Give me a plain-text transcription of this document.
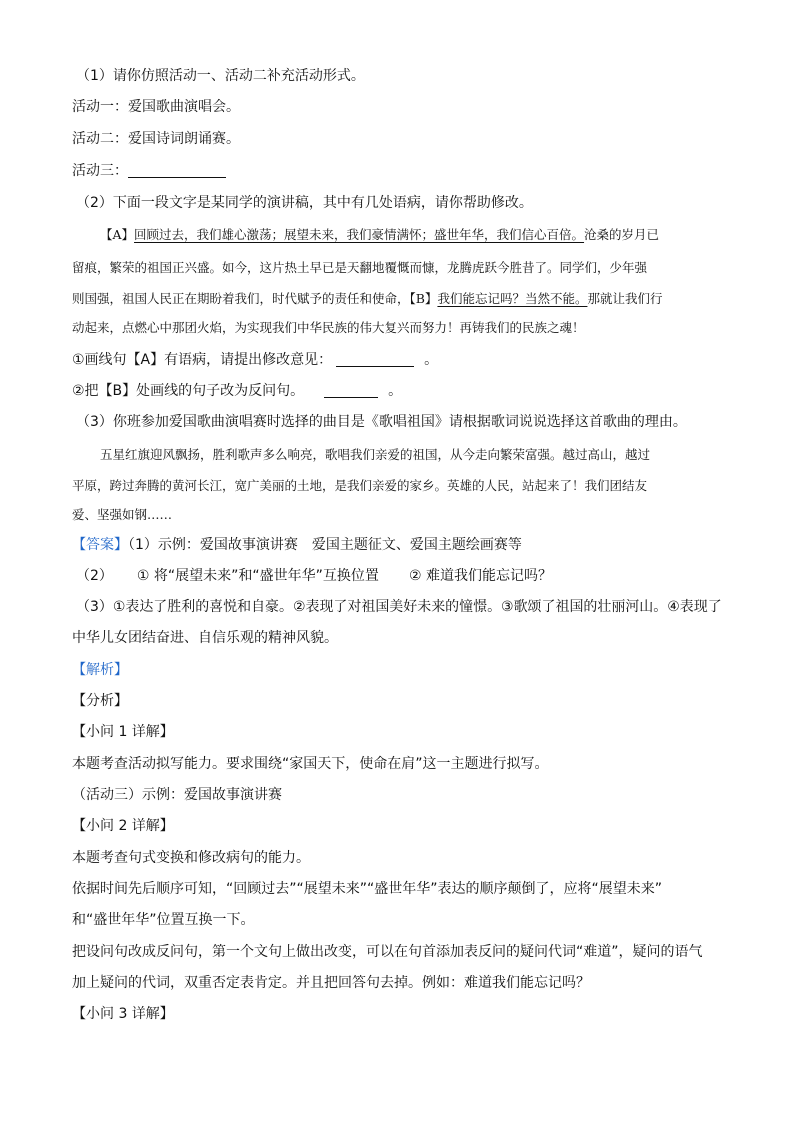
（1）请你仿照活动一、活动二补充活动形式。
活动一：爱国歌曲演唱会。
活动二：爱国诗词朗诵赛。
活动三：
（2）下面一段文字是某同学的演讲稿，其中有几处语病，请你帮助修改。
【A】回顾过去，我们雄心激荡；展望未来，我们豪情满怀；盛世年华，我们信心百倍。沧桑的岁月已
留痕，繁荣的祖国正兴盛。如今，这片热土早已是天翻地覆慨而慷，龙腾虎跃今胜昔了。同学们，少年强
则国强，祖国人民正在期盼着我们，时代赋予的责任和使命，【B】我们能忘记吗？当然不能。那就让我们行
动起来，点燃心中那团火焰，为实现我们中华民族的伟大复兴而努力！再铸我们的民族之魂！
①画线句【A】有语病，请提出修改意见：	。
②把【B】处画线的句子改为反问句。	。
（3）你班参加爱国歌曲演唱赛时选择的曲目是《歌唱祖国》请根据歌词说说选择这首歌曲的理由。
五星红旗迎风飘扬，胜利歌声多么响亮，歌唱我们亲爱的祖国，从今走向繁荣富强。越过高山，越过
平原，跨过奔腾的黄河长江，宽广美丽的土地，是我们亲爱的家乡。英雄的人民，站起来了！我们团结友
爱、坚强如钢……
【答案】（1）示例：爱国故事演讲赛　爱国主题征文、爱国主题绘画赛等
（2） ① 将“展望未来”和“盛世年华”互换位置 ② 难道我们能忘记吗？
（3）①表达了胜利的喜悦和自豪。②表现了对祖国美好未来的憧憬。③歌颂了祖国的壮丽河山。④表现了
中华儿女团结奋进、自信乐观的精神风貌。
【解析】
【分析】
【小问 1 详解】
本题考查活动拟写能力。要求围绕“家国天下，使命在肩”这一主题进行拟写。
（活动三）示例：爱国故事演讲赛
【小问 2 详解】
本题考查句式变换和修改病句的能力。
依据时间先后顺序可知，“回顾过去”“展望未来”“盛世年华”表达的顺序颠倒了，应将“展望未来”
和“盛世年华”位置互换一下。
把设问句改成反问句，第一个文句上做出改变，可以在句首添加表反问的疑问代词“难道”，疑问的语气
加上疑问的代词，双重否定表肯定。并且把回答句去掉。例如：难道我们能忘记吗？
【小问 3 详解】
